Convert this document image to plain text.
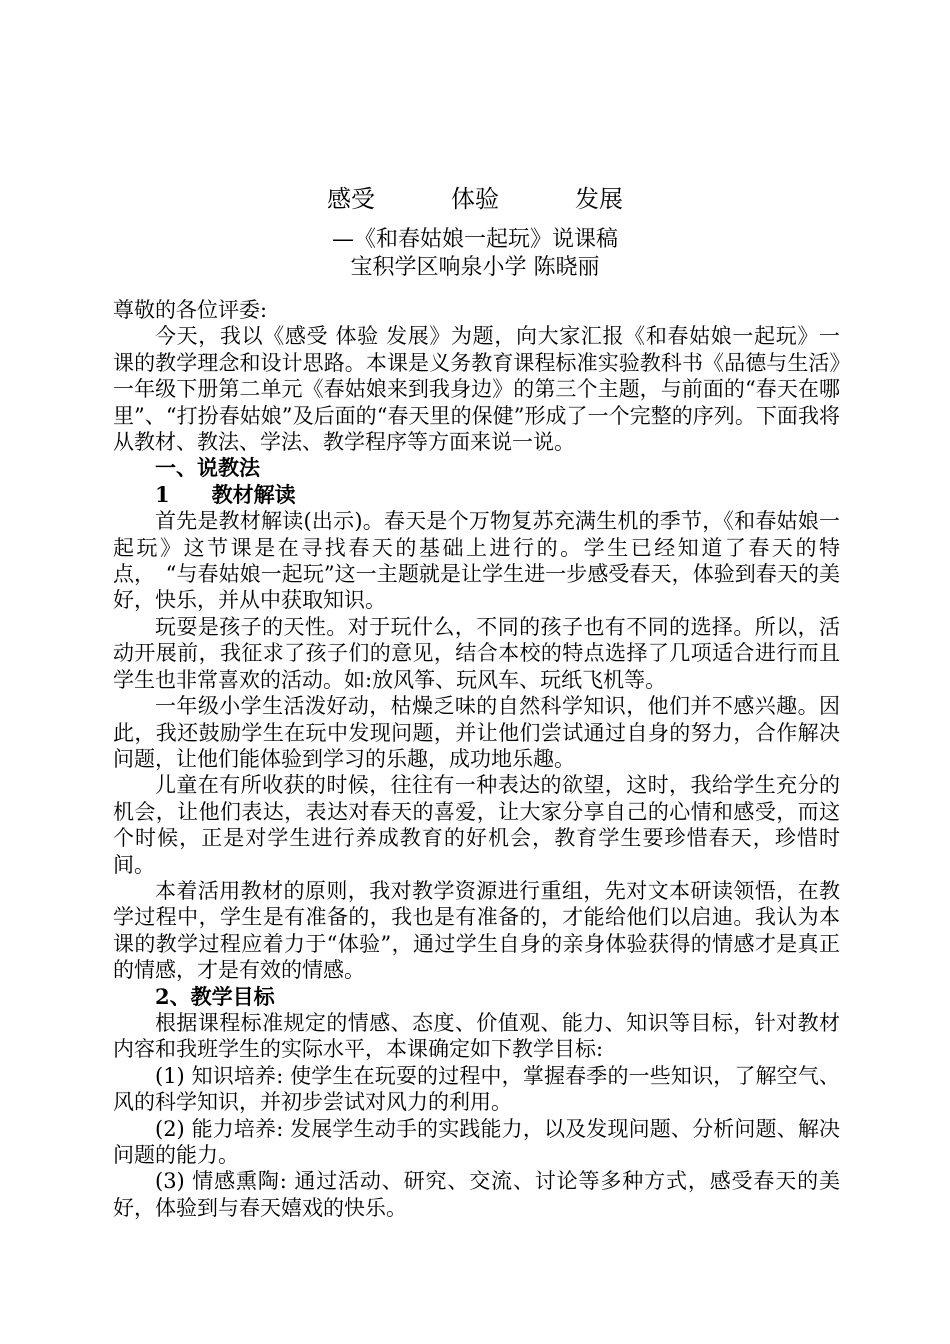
感受	体验	发展
—《和春姑娘一起玩》说课稿
宝积学区响泉小学 陈晓丽

尊敬的各位评委:

今天，我以《感受 体验 发展》为题，向大家汇报《和春姑娘一起玩》一课的教学理念和设计思路。本课是义务教育课程标准实验教科书《品德与生活》一年级下册第二单元《春姑娘来到我身边》的第三个主题，与前面的“春天在哪里”、“打扮春姑娘”及后面的“春天里的保健”形成了一个完整的序列。下面我将从教材、教法、学法、教学程序等方面来说一说。

一、说教法

1　　教材解读

首先是教材解读(出示)。春天是个万物复苏充满生机的季节，《和春姑娘一起玩》这节课是在寻找春天的基础上进行的。学生已经知道了春天的特点，　“与春姑娘一起玩”这一主题就是让学生进一步感受春天，体验到春天的美好，快乐，并从中获取知识。

玩耍是孩子的天性。对于玩什么，不同的孩子也有不同的选择。所以，活动开展前，我征求了孩子们的意见，结合本校的特点选择了几项适合进行而且学生也非常喜欢的活动。如:放风筝、玩风车、玩纸飞机等。

一年级小学生活泼好动，枯燥乏味的自然科学知识，他们并不感兴趣。因此，我还鼓励学生在玩中发现问题，并让他们尝试通过自身的努力，合作解决问题，让他们能体验到学习的乐趣，成功地乐趣。

儿童在有所收获的时候，往往有一种表达的欲望，这时，我给学生充分的机会，让他们表达，表达对春天的喜爱，让大家分享自己的心情和感受，而这个时候，正是对学生进行养成教育的好机会，教育学生要珍惜春天，珍惜时间。

本着活用教材的原则，我对教学资源进行重组，先对文本研读领悟，在教学过程中，学生是有准备的，我也是有准备的，才能给他们以启迪。我认为本课的教学过程应着力于“体验”，通过学生自身的亲身体验获得的情感才是真正的情感，才是有效的情感。

2、教学目标

根据课程标准规定的情感、态度、价值观、能力、知识等目标，针对教材内容和我班学生的实际水平，本课确定如下教学目标:

(1) 知识培养: 使学生在玩耍的过程中，掌握春季的一些知识，了解空气、风的科学知识，并初步尝试对风力的利用。

(2) 能力培养: 发展学生动手的实践能力，以及发现问题、分析问题、解决问题的能力。

(3) 情感熏陶: 通过活动、研究、交流、讨论等多种方式，感受春天的美好，体验到与春天嬉戏的快乐。
